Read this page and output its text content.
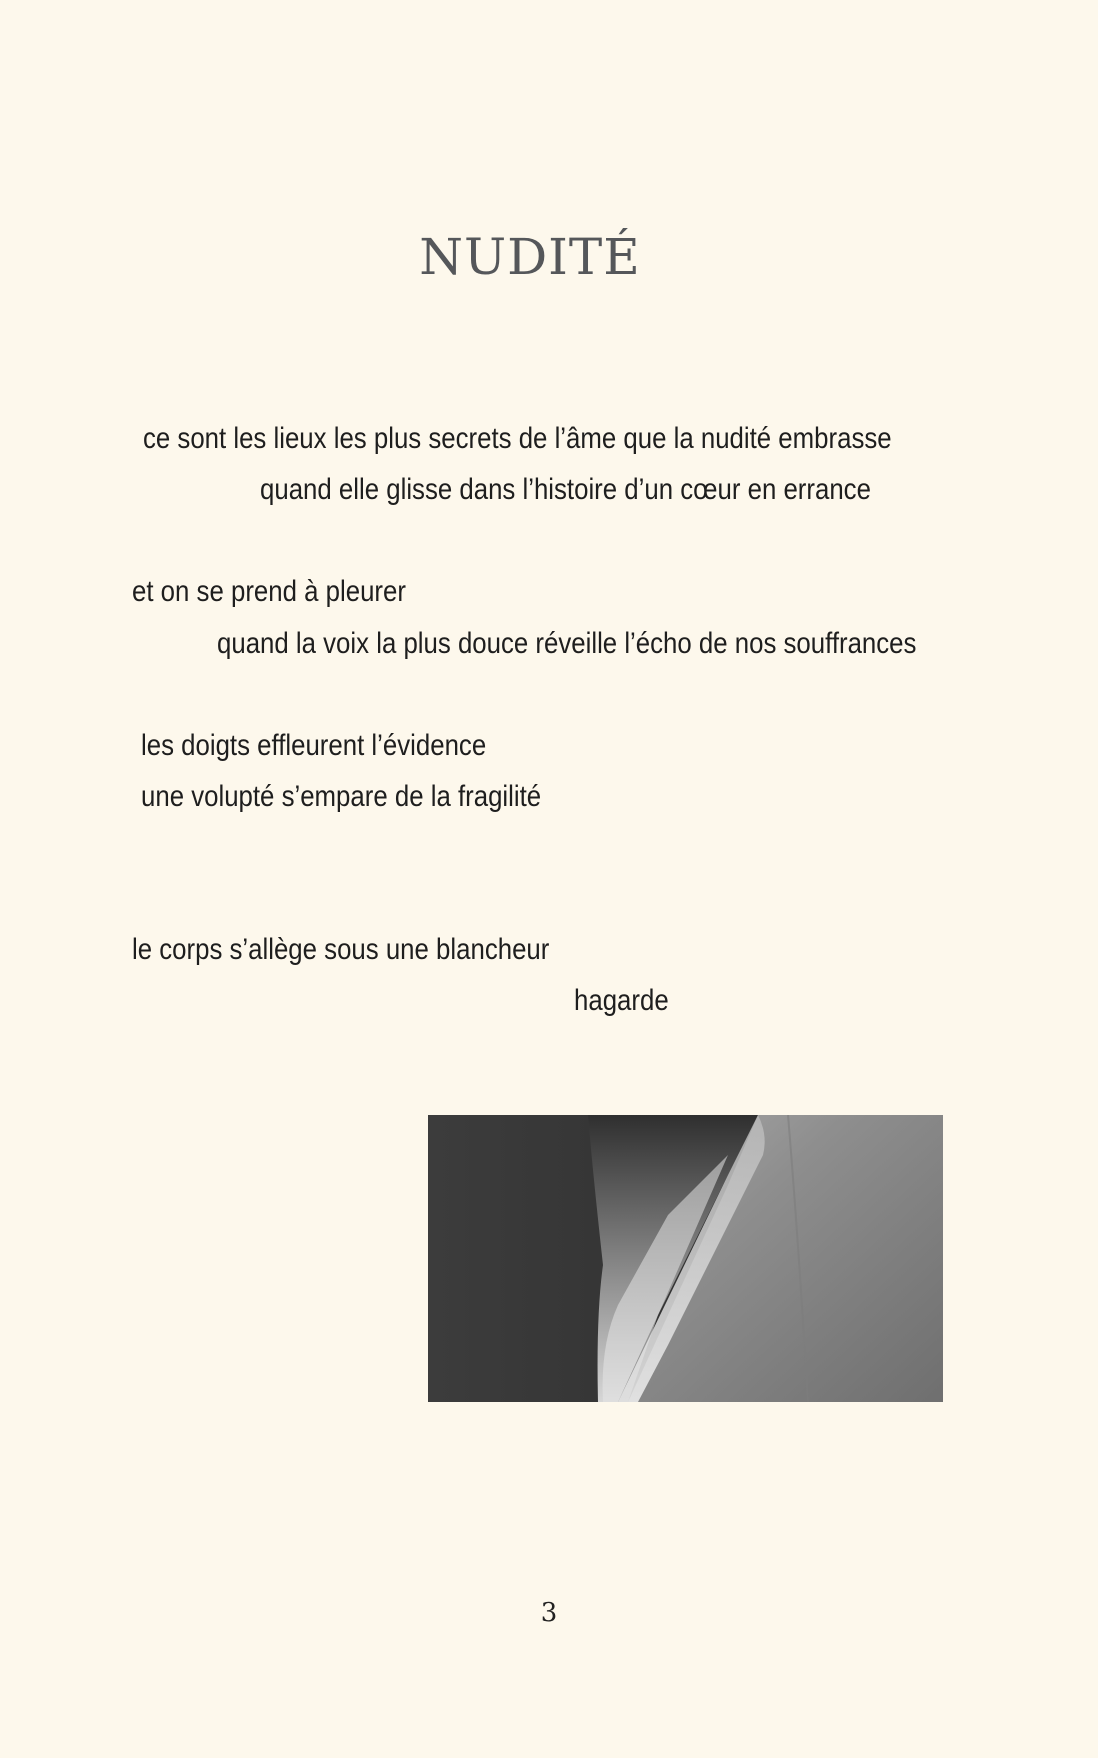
NUDITÉ
ce sont les lieux les plus secrets de l’âme que la nudité embrasse
quand elle glisse dans l’histoire d’un cœur en errance
et on se prend à pleurer
quand la voix la plus douce réveille l’écho de nos souffrances
les doigts effleurent l’évidence
une volupté s’empare de la fragilité
le corps s’allège sous une blancheur
hagarde
3
